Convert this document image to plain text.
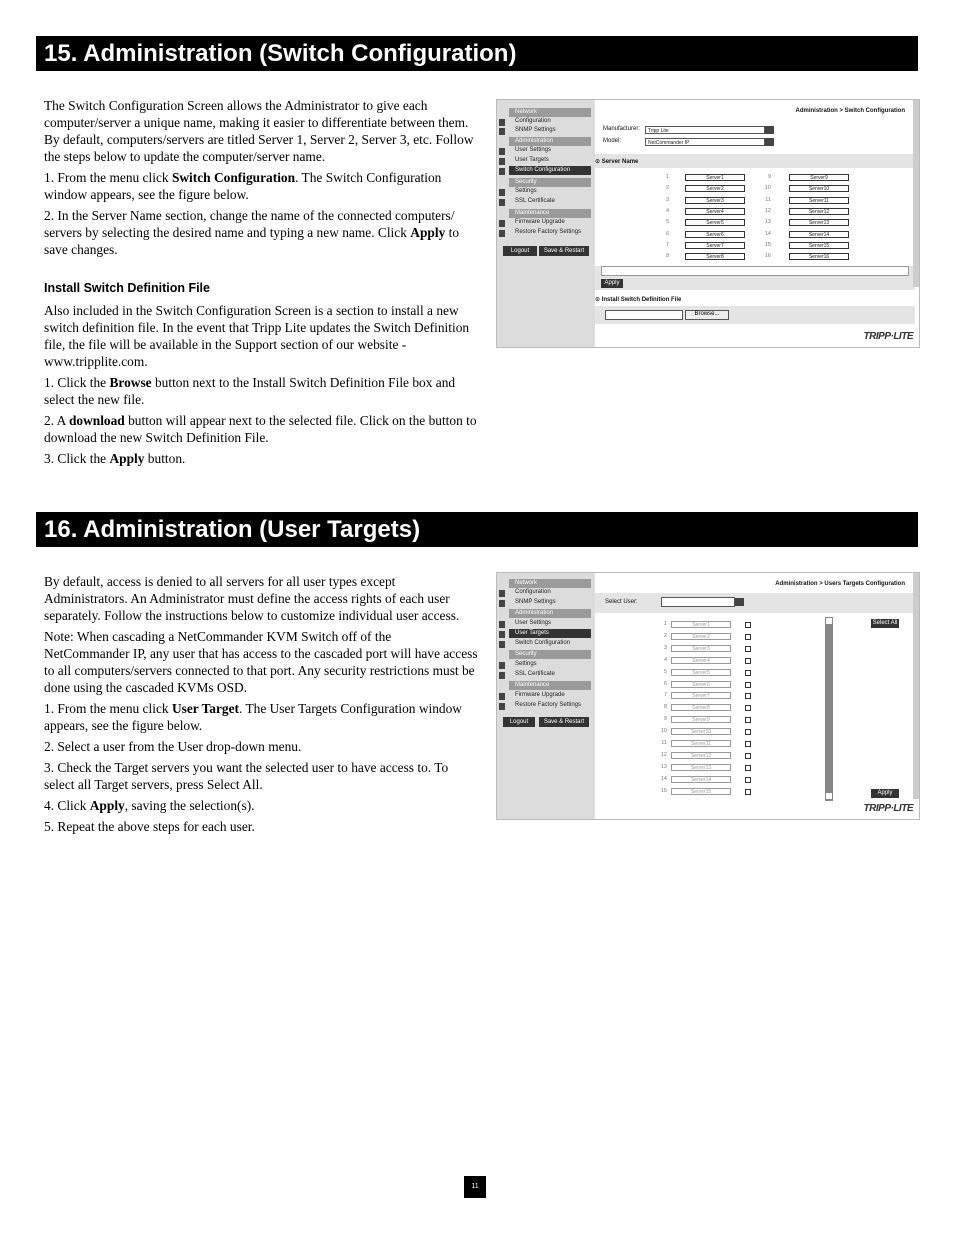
15. Administration (Switch Configuration)

The Switch Configuration Screen allows the Administrator to give each computer/server a unique name, making it easier to differentiate between them. By default, computers/servers are titled Server 1, Server 2, Server 3, etc. Follow the steps below to update the computer/server name.

1. From the menu click Switch Configuration. The Switch Configuration window appears, see the figure below.

2. In the Server Name section, change the name of the connected computers/ servers by selecting the desired name and typing a new name. Click Apply to save changes.

Install Switch Definition File

Also included in the Switch Configuration Screen is a section to install a new switch definition file. In the event that Tripp Lite updates the Switch Definition file, the file will be available in the Support section of our website - www.tripplite.com.

1. Click the Browse button next to the Install Switch Definition File box and select the new file.

2. A download button will appear next to the selected file. Click on the button to download the new Switch Definition File.

3. Click the Apply button.

Network
Configuration
SNMP Settings
Administration
User Settings
User Targets
Switch Configuration
Security
Settings
SSL Certificate
Maintenance
Firmware Upgrade
Restore Factory Settings
Logout	Save & Restart
Administration > Switch Configuration
Manufacturer:	Tripp Lite
Model:	NetCommander IP
⊙ Server Name
1	Server1	9	Server9
2	Server2	10	Server10
3	Server3	11	Server11
4	Server4	12	Server12
5	Server5	13	Server13
6	Server6	14	Server14
7	Server7	15	Server15
8	Server8	16	Server16
Apply
⊙ Install Switch Definition File
Browse...
TRIPP·LITE
16. Administration (User Targets)

By default, access is denied to all servers for all user types except Administrators. An Administrator must define the access rights of each user separately. Follow the instructions below to customize individual user access.

Note: When cascading a NetCommander KVM Switch off of the NetCommander IP, any user that has access to the cascaded port will have access to all computers/servers connected to that port. Any security restrictions must be done using the cascaded KVMs OSD.

1. From the menu click User Target. The User Targets Configuration window appears, see the figure below.

2. Select a user from the User drop-down menu.

3. Check the Target servers you want the selected user to have access to. To select all Target servers, press Select All.

4. Click Apply, saving the selection(s).

5. Repeat the above steps for each user.

Network
Configuration
SNMP Settings
Administration
User Settings
User Targets
Switch Configuration
Security
Settings
SSL Certificate
Maintenance
Firmware Upgrade
Restore Factory Settings
Logout	Save & Restart
Administration > Users Targets Configuration
Select User:
1	Server1
2	Server2
3	Server3
4	Server4
5	Server5
6	Server6
7	Server7
8	Server8
9	Server9
10	Server10
11	Server11
12	Server12
13	Server13
14	Server14
15	Server15
Select All
Apply
TRIPP·LITE
11
